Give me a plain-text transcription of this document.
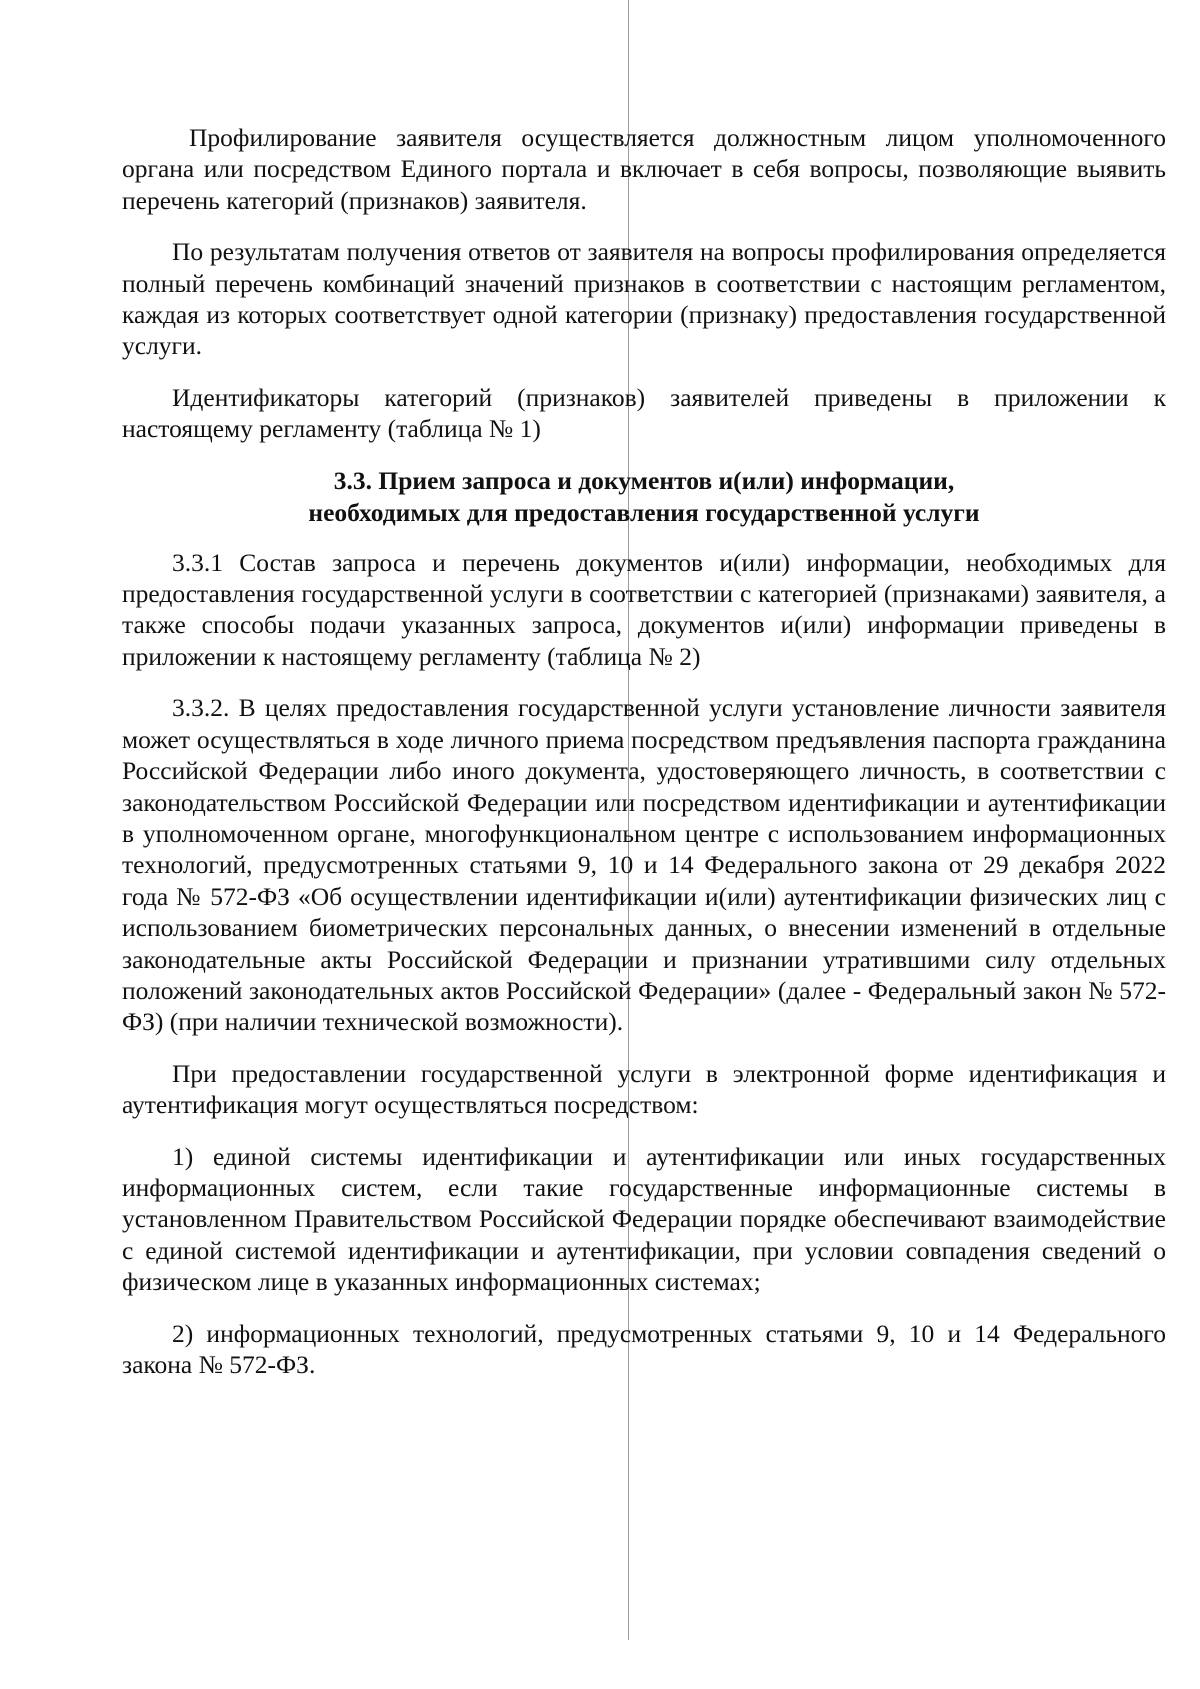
Профилирование заявителя осуществляется должностным лицом уполномоченного органа или посредством Единого портала и включает в себя вопросы, позволяющие выявить перечень категорий (признаков) заявителя.

По результатам получения ответов от заявителя на вопросы профилирования определяется полный перечень комбинаций значений признаков в соответствии с настоящим регламентом, каждая из которых соответствует одной категории (признаку) предоставления государственной услуги.

Идентификаторы категорий (признаков) заявителей приведены в приложении к настоящему регламенту (таблица № 1)

3.3. Прием запроса и документов и(или) информации,
необходимых для предоставления государственной услуги

3.3.1 Состав запроса и перечень документов и(или) информации, необходимых для предоставления государственной услуги в соответствии с категорией (признаками) заявителя, а также способы подачи указанных запроса, документов и(или) информации приведены в приложении к настоящему регламенту (таблица № 2)

3.3.2. В целях предоставления государственной услуги установление личности заявителя может осуществляться в ходе личного приема посредством предъявления паспорта гражданина Российской Федерации либо иного документа, удостоверяющего личность, в соответствии с законодательством Российской Федерации или посредством идентификации и аутентификации в уполномоченном органе, многофункциональном центре с использованием информационных технологий, предусмотренных статьями 9, 10 и 14 Федерального закона от 29 декабря 2022 года № 572-ФЗ «Об осуществлении идентификации и(или) аутентификации физических лиц с использованием биометрических персональных данных, о внесении изменений в отдельные законодательные акты Российской Федерации и признании утратившими силу отдельных положений законодательных актов Российской Федерации» (далее - Федеральный закон № 572-ФЗ) (при наличии технической возможности).

При предоставлении государственной услуги в электронной форме идентификация и аутентификация могут осуществляться посредством:

1) единой системы идентификации и аутентификации или иных государственных информационных систем, если такие государственные информационные системы в установленном Правительством Российской Федерации порядке обеспечивают взаимодействие с единой системой идентификации и аутентификации, при условии совпадения сведений о физическом лице в указанных информационных системах;

2) информационных технологий, предусмотренных статьями 9, 10 и 14 Федерального закона № 572-ФЗ.
